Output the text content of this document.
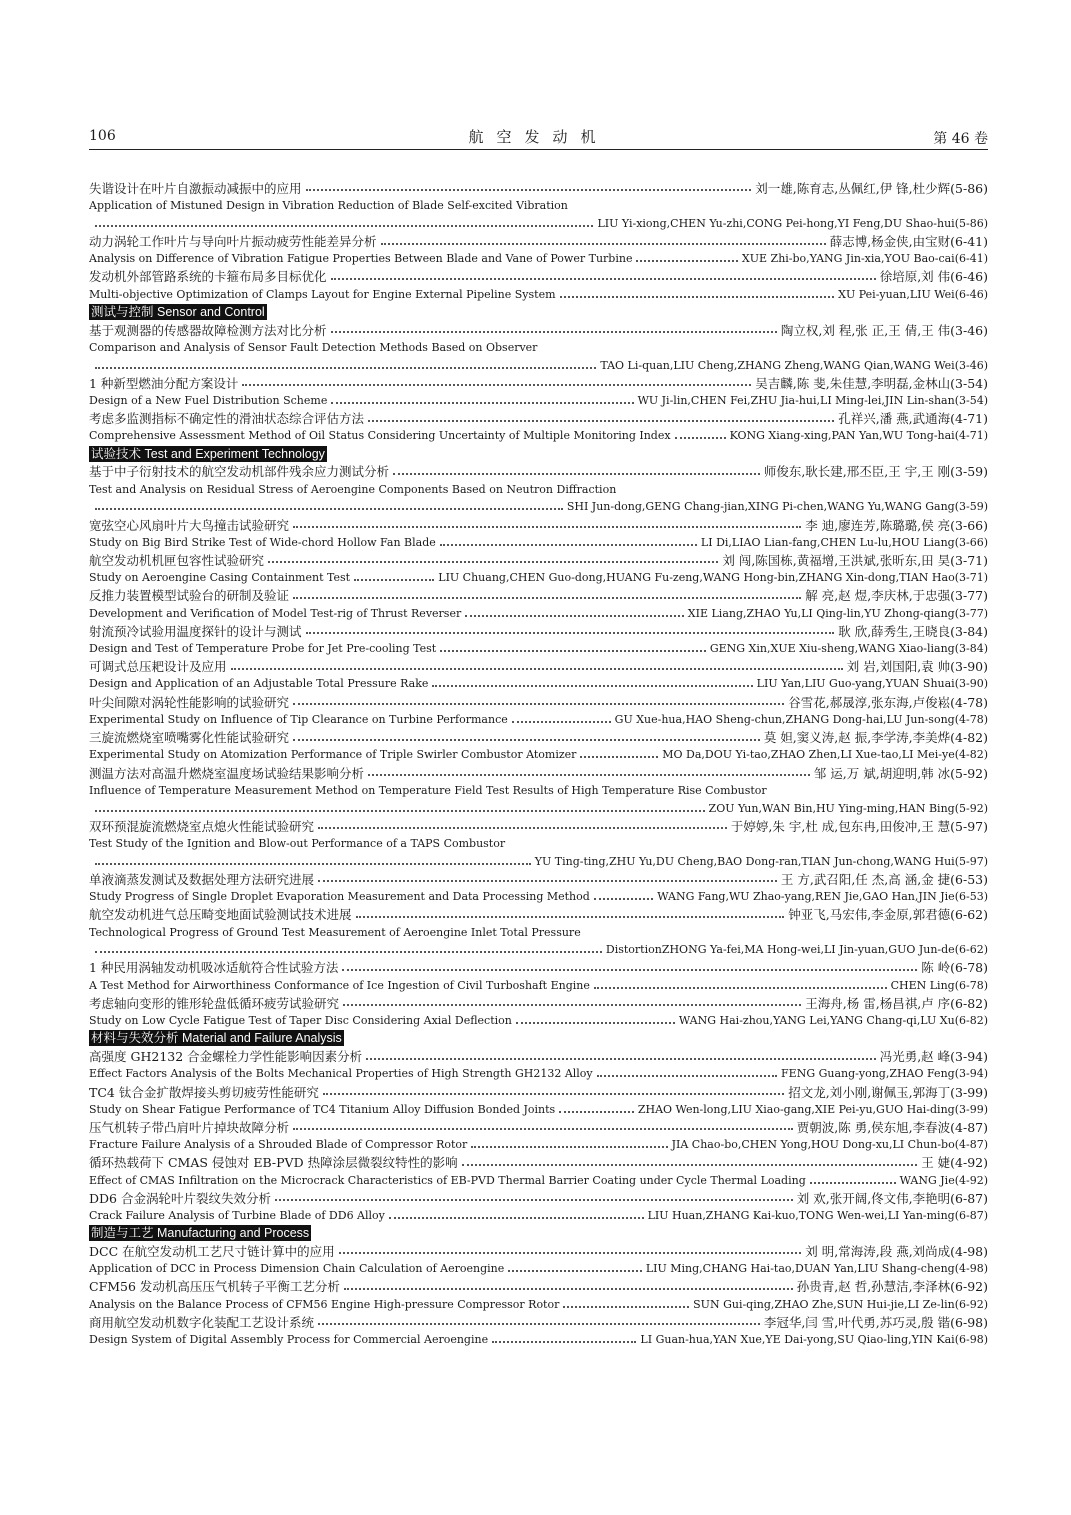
106	航空发动机	第 46 卷
失谐设计在叶片自激振动减振中的应用	刘一雄,陈育志,丛佩红,伊 锋,杜少辉(5-86)
Application of Mistuned Design in Vibration Reduction of Blade Self-excited Vibration
LIU Yi-xiong,CHEN Yu-zhi,CONG Pei-hong,YI Feng,DU Shao-hui(5-86)
动力涡轮工作叶片与导向叶片振动疲劳性能差异分析	薛志博,杨金侠,由宝财(6-41)
Analysis on Difference of Vibration Fatigue Properties Between Blade and Vane of Power Turbine	XUE Zhi-bo,YANG Jin-xia,YOU Bao-cai(6-41)
发动机外部管路系统的卡箍布局多目标优化	徐培原,刘 伟(6-46)
Multi-objective Optimization of Clamps Layout for Engine External Pipeline System	XU Pei-yuan,LIU Wei(6-46)
测试与控制 Sensor and Control
基于观测器的传感器故障检测方法对比分析	陶立权,刘 程,张 正,王 倩,王 伟(3-46)
Comparison and Analysis of Sensor Fault Detection Methods Based on Observer
TAO Li-quan,LIU Cheng,ZHANG Zheng,WANG Qian,WANG Wei(3-46)
1 种新型燃油分配方案设计	吴吉麟,陈 斐,朱佳慧,李明磊,金林山(3-54)
Design of a New Fuel Distribution Scheme	WU Ji-lin,CHEN Fei,ZHU Jia-hui,LI Ming-lei,JIN Lin-shan(3-54)
考虑多监测指标不确定性的滑油状态综合评估方法	孔祥兴,潘 燕,武通海(4-71)
Comprehensive Assessment Method of Oil Status Considering Uncertainty of Multiple Monitoring Index	KONG Xiang-xing,PAN Yan,WU Tong-hai(4-71)
试验技术 Test and Experiment Technology
基于中子衍射技术的航空发动机部件残余应力测试分析	师俊东,耿长建,邢丕臣,王 宇,王 刚(3-59)
Test and Analysis on Residual Stress of Aeroengine Components Based on Neutron Diffraction
SHI Jun-dong,GENG Chang-jian,XING Pi-chen,WANG Yu,WANG Gang(3-59)
宽弦空心风扇叶片大鸟撞击试验研究	李 迪,廖连芳,陈璐璐,侯 亮(3-66)
Study on Big Bird Strike Test of Wide-chord Hollow Fan Blade	LI Di,LIAO Lian-fang,CHEN Lu-lu,HOU Liang(3-66)
航空发动机机匣包容性试验研究	刘 闯,陈国栋,黄福增,王洪斌,张昕东,田 昊(3-71)
Study on Aeroengine Casing Containment Test	LIU Chuang,CHEN Guo-dong,HUANG Fu-zeng,WANG Hong-bin,ZHANG Xin-dong,TIAN Hao(3-71)
反推力装置模型试验台的研制及验证	解 亮,赵 煜,李庆林,于忠强(3-77)
Development and Verification of Model Test-rig of Thrust Reverser	XIE Liang,ZHAO Yu,LI Qing-lin,YU Zhong-qiang(3-77)
射流预冷试验用温度探针的设计与测试	耿 欣,薛秀生,王晓良(3-84)
Design and Test of Temperature Probe for Jet Pre-cooling Test	GENG Xin,XUE Xiu-sheng,WANG Xiao-liang(3-84)
可调式总压耙设计及应用	刘 岩,刘国阳,袁 帅(3-90)
Design and Application of an Adjustable Total Pressure Rake	LIU Yan,LIU Guo-yang,YUAN Shuai(3-90)
叶尖间隙对涡轮性能影响的试验研究	谷雪花,郝晟淳,张东海,卢俊崧(4-78)
Experimental Study on Influence of Tip Clearance on Turbine Performance	GU Xue-hua,HAO Sheng-chun,ZHANG Dong-hai,LU Jun-song(4-78)
三旋流燃烧室喷嘴雾化性能试验研究	莫 妲,窦义涛,赵 振,李学涛,李美烨(4-82)
Experimental Study on Atomization Performance of Triple Swirler Combustor Atomizer	MO Da,DOU Yi-tao,ZHAO Zhen,LI Xue-tao,LI Mei-ye(4-82)
测温方法对高温升燃烧室温度场试验结果影响分析	邹 运,万 斌,胡迎明,韩 冰(5-92)
Influence of Temperature Measurement Method on Temperature Field Test Results of High Temperature Rise Combustor
ZOU Yun,WAN Bin,HU Ying-ming,HAN Bing(5-92)
双环预混旋流燃烧室点熄火性能试验研究	于婷婷,朱 宇,杜 成,包东冉,田俊冲,王 慧(5-97)
Test Study of the Ignition and Blow-out Performance of a TAPS Combustor
YU Ting-ting,ZHU Yu,DU Cheng,BAO Dong-ran,TIAN Jun-chong,WANG Hui(5-97)
单液滴蒸发测试及数据处理方法研究进展	王 方,武召阳,任 杰,高 涵,金 捷(6-53)
Study Progress of Single Droplet Evaporation Measurement and Data Processing Method	WANG Fang,WU Zhao-yang,REN Jie,GAO Han,JIN Jie(6-53)
航空发动机进气总压畸变地面试验测试技术进展	钟亚飞,马宏伟,李金原,郭君德(6-62)
Technological Progress of Ground Test Measurement of Aeroengine Inlet Total Pressure
DistortionZHONG Ya-fei,MA Hong-wei,LI Jin-yuan,GUO Jun-de(6-62)
1 种民用涡轴发动机吸冰适航符合性试验方法	陈 岭(6-78)
A Test Method for Airworthiness Conformance of Ice Ingestion of Civil Turboshaft Engine	CHEN Ling(6-78)
考虑轴向变形的锥形轮盘低循环疲劳试验研究	王海舟,杨 雷,杨昌祺,卢 序(6-82)
Study on Low Cycle Fatigue Test of Taper Disc Considering Axial Deflection	WANG Hai-zhou,YANG Lei,YANG Chang-qi,LU Xu(6-82)
材料与失效分析 Material and Failure Analysis
高强度 GH2132 合金螺栓力学性能影响因素分析	冯光勇,赵 峰(3-94)
Effect Factors Analysis of the Bolts Mechanical Properties of High Strength GH2132 Alloy	FENG Guang-yong,ZHAO Feng(3-94)
TC4 钛合金扩散焊接头剪切疲劳性能研究	招文龙,刘小刚,谢佩玉,郭海丁(3-99)
Study on Shear Fatigue Performance of TC4 Titanium Alloy Diffusion Bonded Joints	ZHAO Wen-long,LIU Xiao-gang,XIE Pei-yu,GUO Hai-ding(3-99)
压气机转子带凸肩叶片掉块故障分析	贾朝波,陈 勇,侯东旭,李春波(4-87)
Fracture Failure Analysis of a Shrouded Blade of Compressor Rotor	JIA Chao-bo,CHEN Yong,HOU Dong-xu,LI Chun-bo(4-87)
循环热载荷下 CMAS 侵蚀对 EB-PVD 热障涂层微裂纹特性的影响	王 婕(4-92)
Effect of CMAS Infiltration on the Microcrack Characteristics of EB-PVD Thermal Barrier Coating under Cycle Thermal Loading	WANG Jie(4-92)
DD6 合金涡轮叶片裂纹失效分析	刘 欢,张开阔,佟文伟,李艳明(6-87)
Crack Failure Analysis of Turbine Blade of DD6 Alloy	LIU Huan,ZHANG Kai-kuo,TONG Wen-wei,LI Yan-ming(6-87)
制造与工艺 Manufacturing and Process
DCC 在航空发动机工艺尺寸链计算中的应用	刘 明,常海涛,段 燕,刘尚成(4-98)
Application of DCC in Process Dimension Chain Calculation of Aeroengine	LIU Ming,CHANG Hai-tao,DUAN Yan,LIU Shang-cheng(4-98)
CFM56 发动机高压压气机转子平衡工艺分析	孙贵青,赵 哲,孙慧洁,李泽林(6-92)
Analysis on the Balance Process of CFM56 Engine High-pressure Compressor Rotor	SUN Gui-qing,ZHAO Zhe,SUN Hui-jie,LI Ze-lin(6-92)
商用航空发动机数字化装配工艺设计系统	李冠华,闫 雪,叶代勇,苏巧灵,殷 锴(6-98)
Design System of Digital Assembly Process for Commercial Aeroengine	LI Guan-hua,YAN Xue,YE Dai-yong,SU Qiao-ling,YIN Kai(6-98)
